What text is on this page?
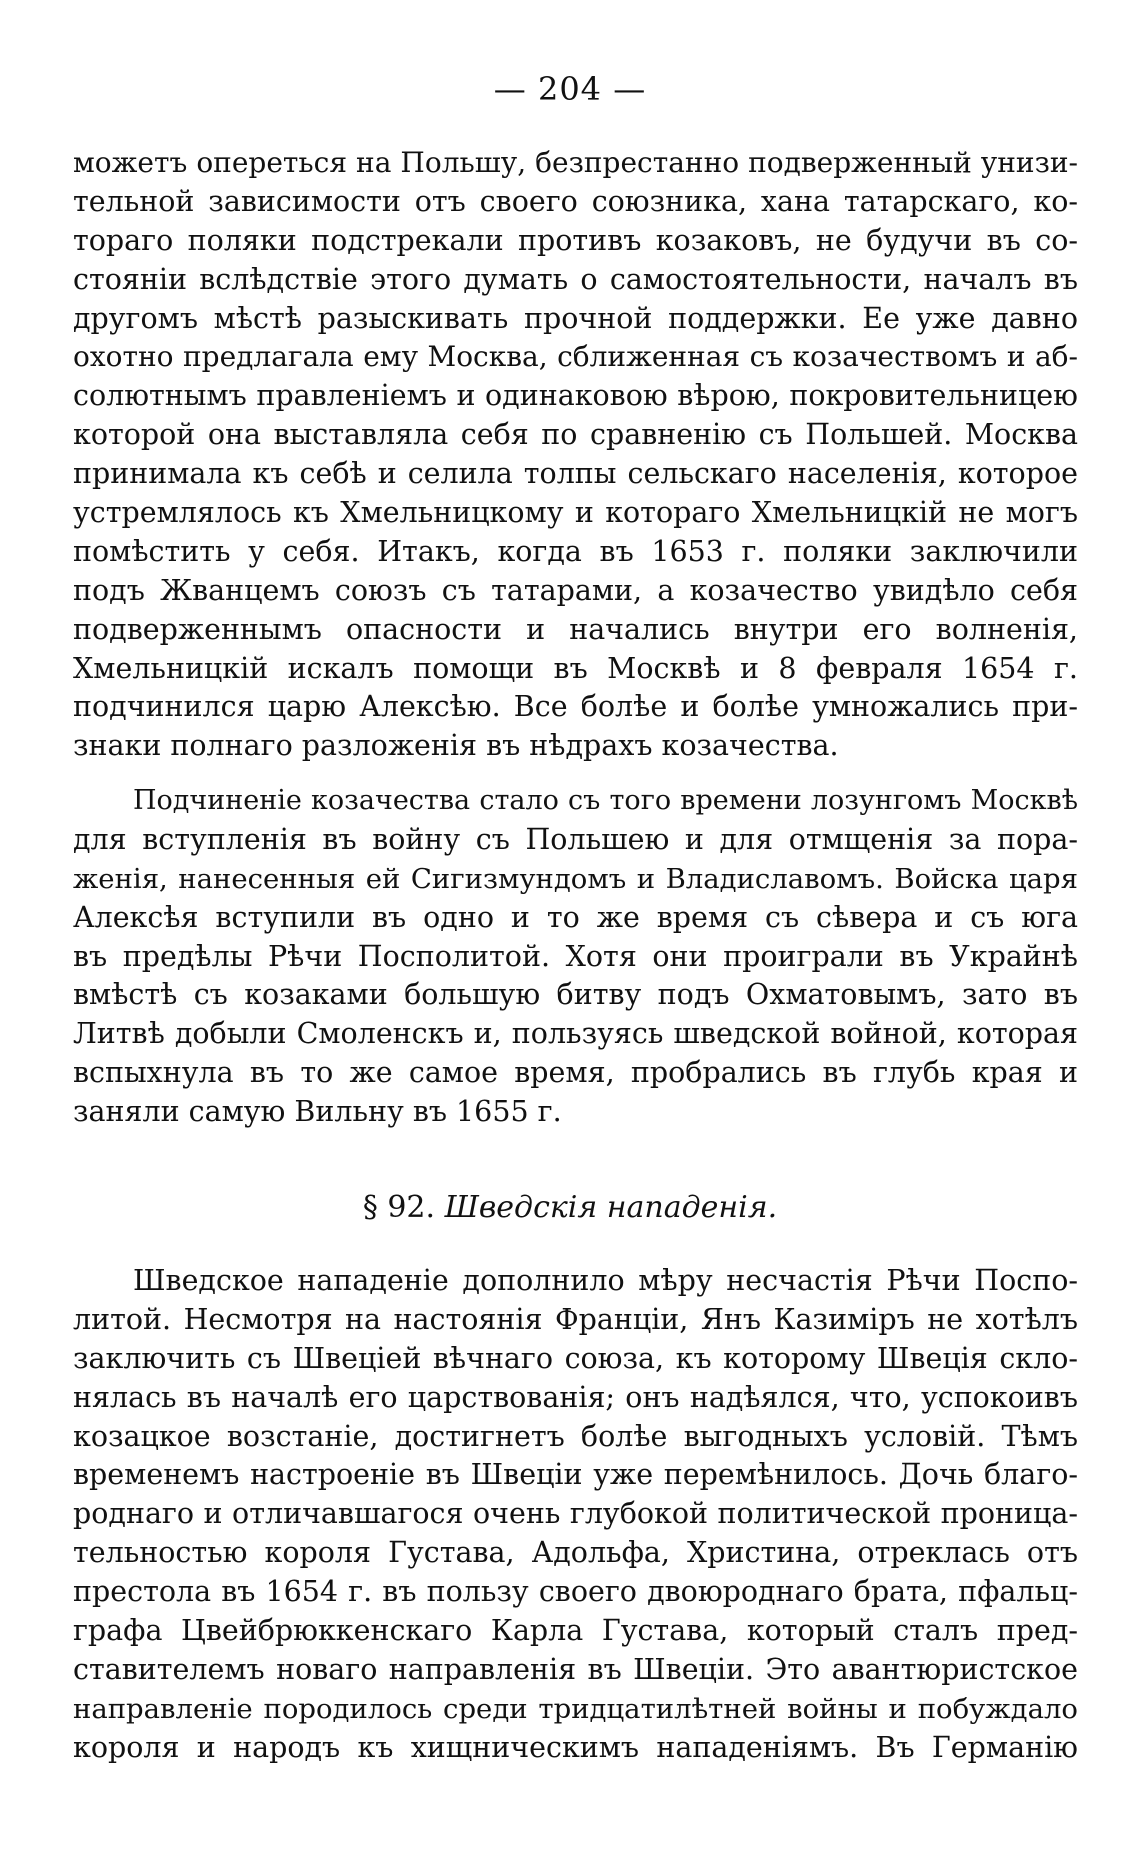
— 204 —
можетъ опереться на Польшу, безпрестанно подверженный унизи-
тельной зависимости отъ своего союзника, хана татарскаго, ко-
тораго поляки подстрекали противъ козаковъ, не будучи въ со-
стояніи вслѣдствіе этого думать о самостоятельности, началъ въ
другомъ мѣстѣ разыскивать прочной поддержки. Ее уже давно
охотно предлагала ему Москва, сближенная съ козачествомъ и аб-
солютнымъ правленіемъ и одинаковою вѣрою, покровительницею
которой она выставляла себя по сравненію съ Польшей. Москва
принимала къ себѣ и селила толпы сельскаго населенія, которое
устремлялось къ Хмельницкому и котораго Хмельницкій не могъ
помѣстить у себя. Итакъ, когда въ 1653 г. поляки заключили
подъ Жванцемъ союзъ съ татарами, а козачество увидѣло себя
подверженнымъ опасности и начались внутри его волненія,
Хмельницкій искалъ помощи въ Москвѣ и 8 февраля 1654 г.
подчинился царю Алексѣю. Все болѣе и болѣе умножались при-
знаки полнаго разложенія въ нѣдрахъ козачества.
Подчиненіе козачества стало съ того времени лозунгомъ Москвѣ
для вступленія въ войну съ Польшею и для отмщенія за пора-
женія, нанесенныя ей Сигизмундомъ и Владиславомъ. Войска царя
Алексѣя вступили въ одно и то же время съ сѣвера и съ юга
въ предѣлы Рѣчи Посполитой. Хотя они проиграли въ Украйнѣ
вмѣстѣ съ козаками большую битву подъ Охматовымъ, зато въ
Литвѣ добыли Смоленскъ и, пользуясь шведской войной, которая
вспыхнула въ то же самое время, пробрались въ глубь края и
заняли самую Вильну въ 1655 г.
§ 92. Шведскія нападенія.
Шведское нападеніе дополнило мѣру несчастія Рѣчи Поспо-
литой. Несмотря на настоянія Франціи, Янъ Казиміръ не хотѣлъ
заключить съ Швеціей вѣчнаго союза, къ которому Швеція скло-
нялась въ началѣ его царствованія; онъ надѣялся, что, успокоивъ
козацкое возстаніе, достигнетъ болѣе выгодныхъ условій. Тѣмъ
временемъ настроеніе въ Швеціи уже перемѣнилось. Дочь благо-
роднаго и отличавшагося очень глубокой политической проница-
тельностью короля Густава, Адольфа, Христина, отреклась отъ
престола въ 1654 г. въ пользу своего двоюроднаго брата, пфальц-
графа Цвейбрюккенскаго Карла Густава, который сталъ пред-
ставителемъ новаго направленія въ Швеціи. Это авантюристское
направленіе породилось среди тридцатилѣтней войны и побуждало
короля и народъ къ хищническимъ нападеніямъ. Въ Германію
